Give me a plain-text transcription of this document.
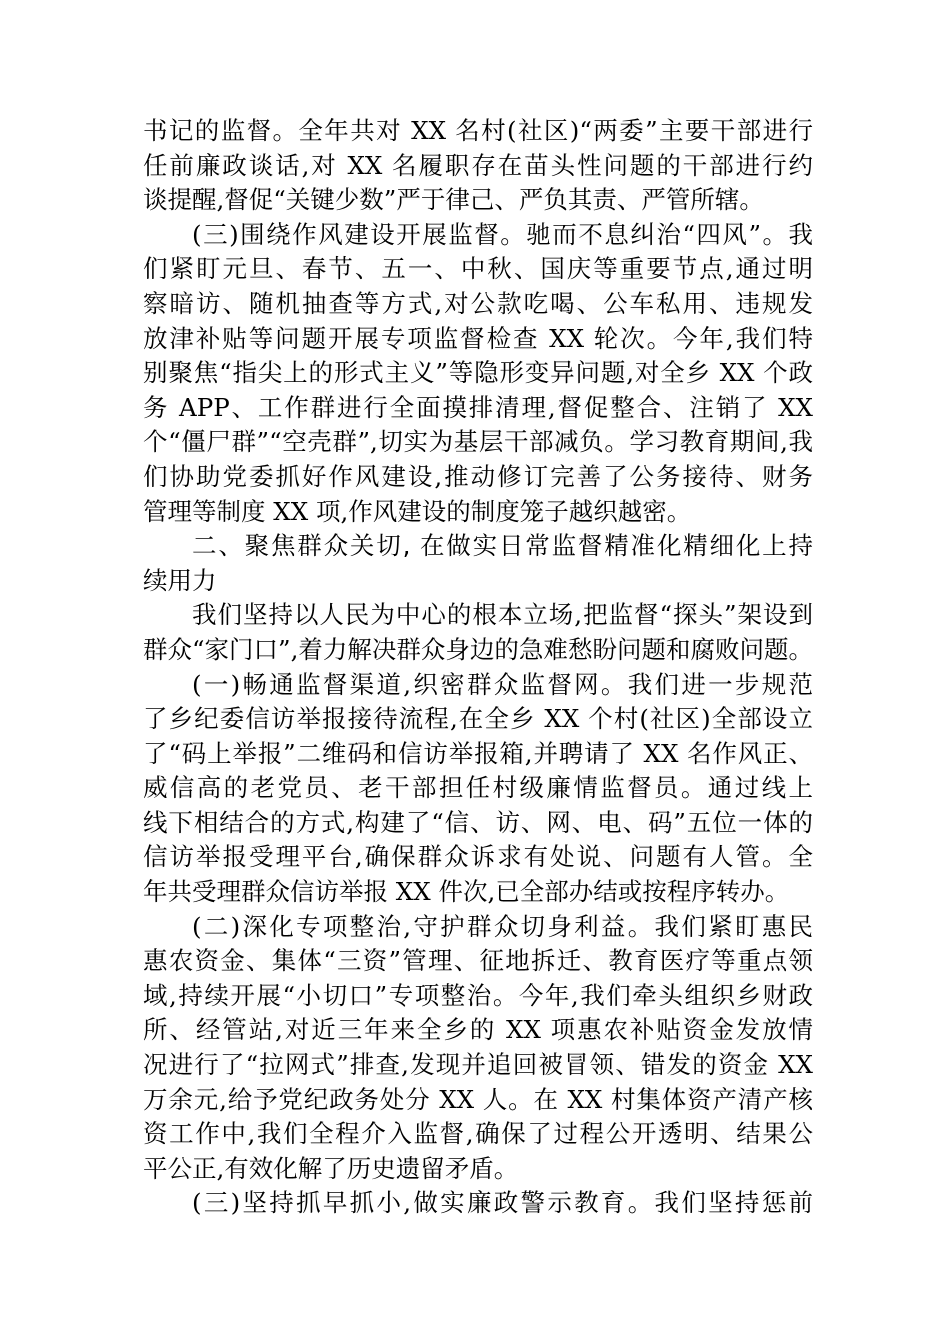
书记的监督。全年共对 XX 名村(社区)“两委”主要干部进行
任前廉政谈话,对 XX 名履职存在苗头性问题的干部进行约
谈提醒,督促“关键少数”严于律己、严负其责、严管所辖。
(三)围绕作风建设开展监督。驰而不息纠治“四风”。我
们紧盯元旦、春节、五一、中秋、国庆等重要节点,通过明
察暗访、随机抽查等方式,对公款吃喝、公车私用、违规发
放津补贴等问题开展专项监督检查 XX 轮次。今年,我们特
别聚焦“指尖上的形式主义”等隐形变异问题,对全乡 XX 个政
务 APP、工作群进行全面摸排清理,督促整合、注销了 XX
个“僵尸群”“空壳群”,切实为基层干部减负。学习教育期间,我
们协助党委抓好作风建设,推动修订完善了公务接待、财务
管理等制度 XX 项,作风建设的制度笼子越织越密。
二、聚焦群众关切, 在做实日常监督精准化精细化上持
续用力
我们坚持以人民为中心的根本立场,把监督“探头”架设到
群众“家门口”,着力解决群众身边的急难愁盼问题和腐败问题。
(一)畅通监督渠道,织密群众监督网。我们进一步规范
了乡纪委信访举报接待流程,在全乡 XX 个村(社区)全部设立
了“码上举报”二维码和信访举报箱,并聘请了 XX 名作风正、
威信高的老党员、老干部担任村级廉情监督员。通过线上
线下相结合的方式,构建了“信、访、网、电、码”五位一体的
信访举报受理平台,确保群众诉求有处说、问题有人管。全
年共受理群众信访举报 XX 件次,已全部办结或按程序转办。
(二)深化专项整治,守护群众切身利益。我们紧盯惠民
惠农资金、集体“三资”管理、征地拆迁、教育医疗等重点领
域,持续开展“小切口”专项整治。今年,我们牵头组织乡财政
所、经管站,对近三年来全乡的 XX 项惠农补贴资金发放情
况进行了“拉网式”排查,发现并追回被冒领、错发的资金 XX
万余元,给予党纪政务处分 XX 人。在 XX 村集体资产清产核
资工作中,我们全程介入监督,确保了过程公开透明、结果公
平公正,有效化解了历史遗留矛盾。
(三)坚持抓早抓小,做实廉政警示教育。我们坚持惩前
